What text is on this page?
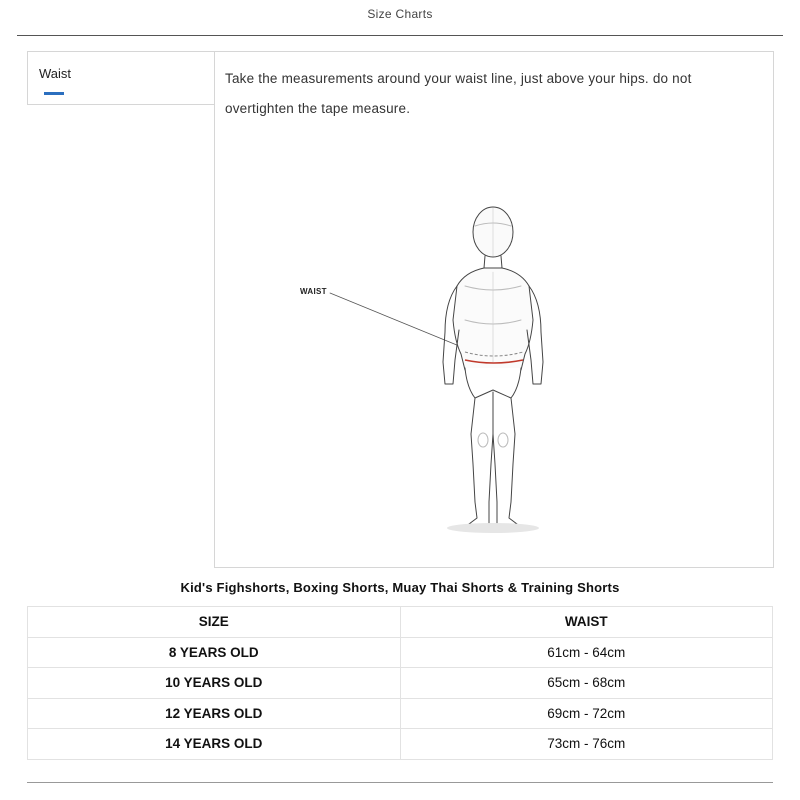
Size Charts
Waist	Take the measurements around your waist line, just above your hips. do not overtighten the tape measure.
WAIST
Kid's Fighshorts, Boxing Shorts, Muay Thai Shorts & Training Shorts
SIZE	WAIST
8 YEARS OLD	61cm - 64cm
10 YEARS OLD	65cm - 68cm
12 YEARS OLD	69cm - 72cm
14 YEARS OLD	73cm - 76cm
